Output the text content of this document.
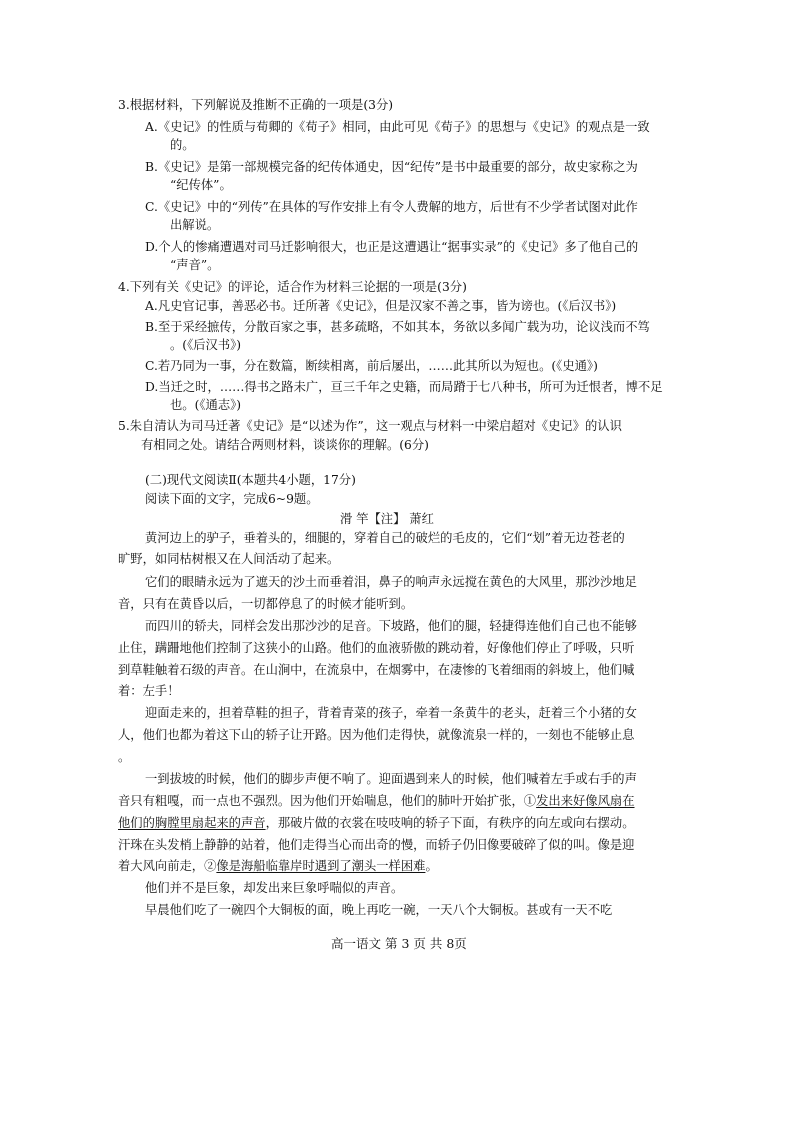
3.根据材料，下列解说及推断不正确的一项是(3分)
A.《史记》的性质与荀卿的《荀子》相同，由此可见《荀子》的思想与《史记》的观点是一致
的。
B.《史记》是第一部规模完备的纪传体通史，因“纪传”是书中最重要的部分，故史家称之为
“纪传体”。
C.《史记》中的“列传”在具体的写作安排上有令人费解的地方，后世有不少学者试图对此作
出解说。
D.个人的惨痛遭遇对司马迁影响很大，也正是这遭遇让“据事实录”的《史记》多了他自己的
“声音”。
4.下列有关《史记》的评论，适合作为材料三论据的一项是(3分)
A.凡史官记事，善恶必书。迁所著《史记》，但是汉家不善之事，皆为谤也。(《后汉书》)
B.至于采经摭传，分散百家之事，甚多疏略，不如其本，务欲以多闻广载为功，论议浅而不笃
。(《后汉书》)
C.若乃同为一事，分在数篇，断续相离，前后屡出，……此其所以为短也。(《史通》)
D.当迁之时，……得书之路未广，亘三千年之史籍，而局蹐于七八种书，所可为迁恨者，博不足
也。(《通志》)
5.朱自清认为司马迁著《史记》是“以述为作”，这一观点与材料一中梁启超对《史记》的认识
有相同之处。请结合两则材料，谈谈你的理解。(6分)
(二)现代文阅读Ⅱ(本题共4小题，17分)
阅读下面的文字，完成6~9题。
滑 竿【注】 萧红
黄河边上的驴子，垂着头的，细腿的，穿着自己的破烂的毛皮的，它们“划”着无边苍老的
旷野，如同枯树根又在人间活动了起来。
它们的眼睛永远为了遮天的沙土而垂着泪，鼻子的响声永远搅在黄色的大风里，那沙沙地足
音，只有在黄昏以后，一切都停息了的时候才能听到。
而四川的轿夫，同样会发出那沙沙的足音。下坡路，他们的腿，轻捷得连他们自己也不能够
止住，蹒跚地他们控制了这狭小的山路。他们的血液骄傲的跳动着，好像他们停止了呼吸，只听
到草鞋触着石级的声音。在山涧中，在流泉中，在烟雾中，在凄惨的飞着细雨的斜坡上，他们喊
着：左手！
迎面走来的，担着草鞋的担子，背着青菜的孩子，牵着一条黄牛的老头，赶着三个小猪的女
人，他们也都为着这下山的轿子让开路。因为他们走得快，就像流泉一样的，一刻也不能够止息
。
一到拔坡的时候，他们的脚步声便不响了。迎面遇到来人的时候，他们喊着左手或右手的声
音只有粗嘎，而一点也不强烈。因为他们开始喘息，他们的肺叶开始扩张，①发出来好像风扇在
他们的胸膛里扇起来的声音，那破片做的衣裳在吱吱响的轿子下面，有秩序的向左或向右摆动。
汗珠在头发梢上静静的站着，他们走得当心而出奇的慢，而轿子仍旧像要破碎了似的叫。像是迎
着大风向前走，②像是海船临靠岸时遇到了潮头一样困难。
他们并不是巨象，却发出来巨象呼喘似的声音。
早晨他们吃了一碗四个大铜板的面，晚上再吃一碗，一天八个大铜板。甚或有一天不吃
高一语文 第 3 页 共 8页
